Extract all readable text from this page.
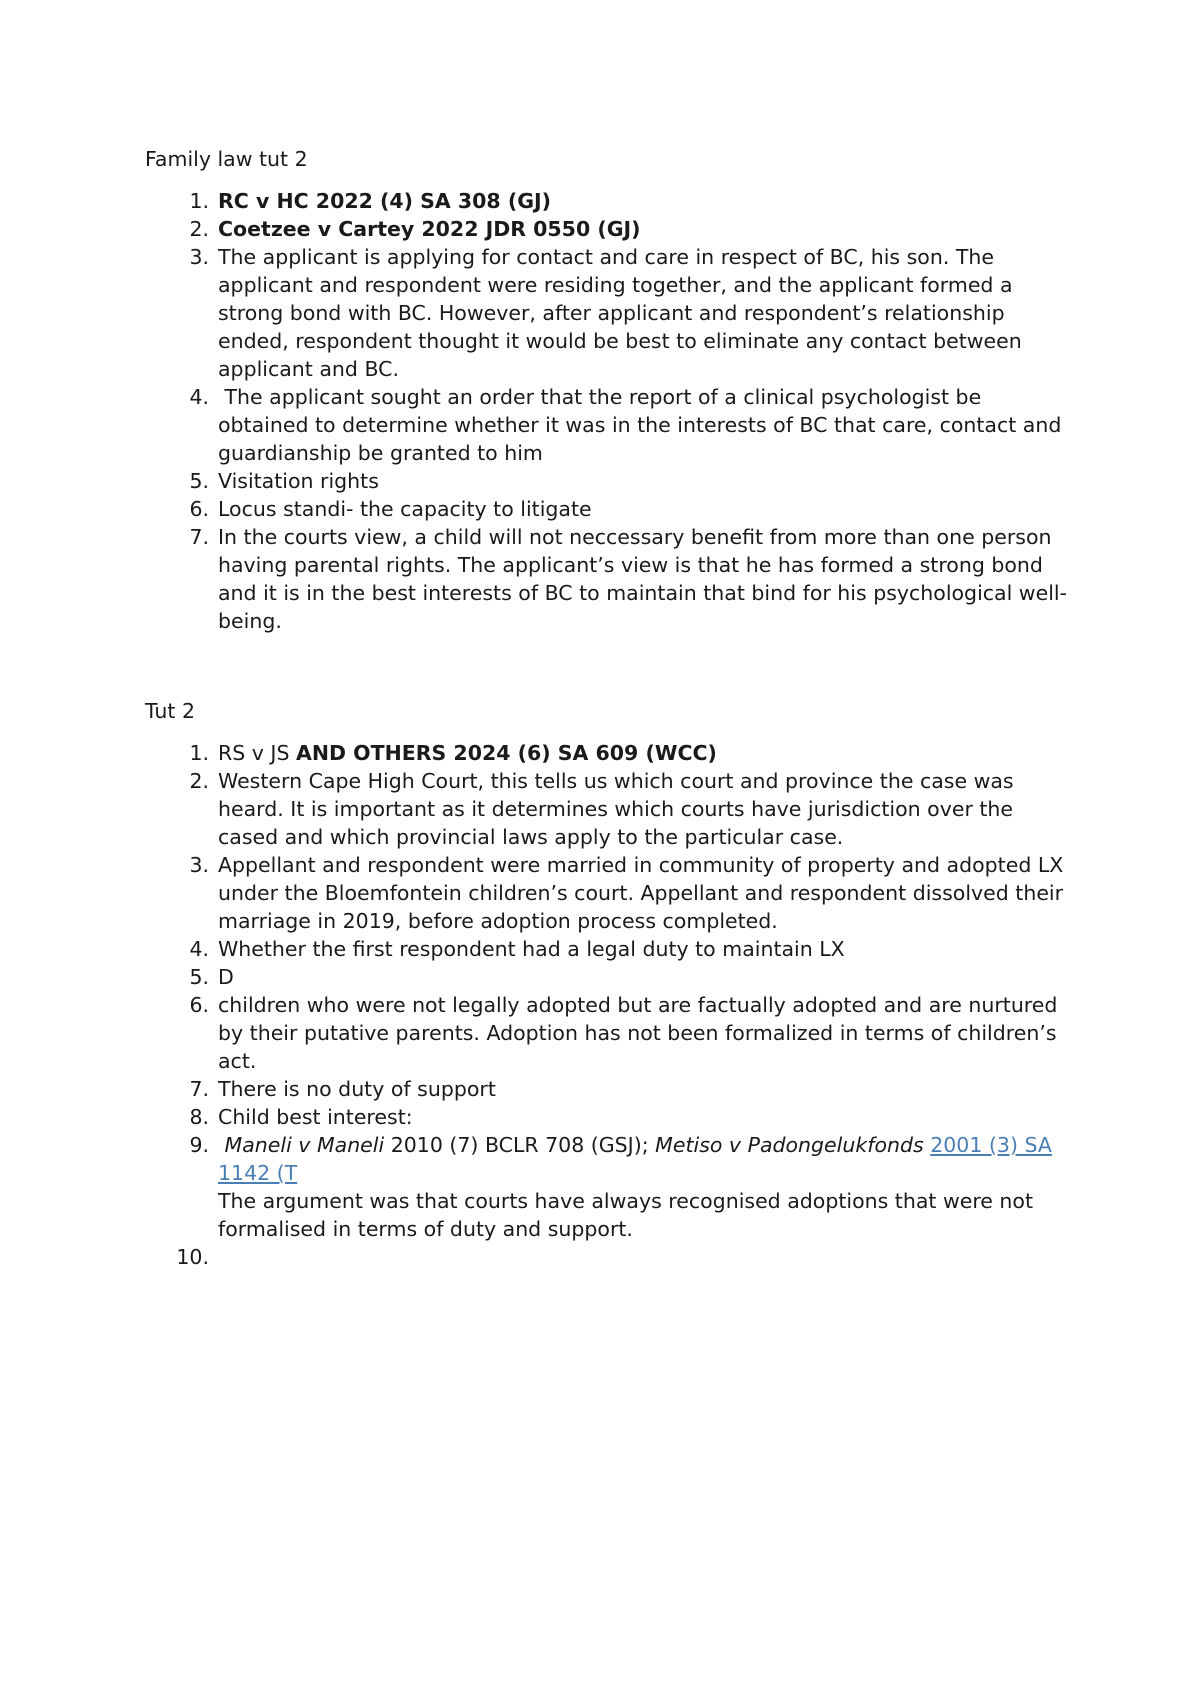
Family law tut 2

1. RC v HC 2022 (4) SA 308 (GJ)
2. Coetzee v Cartey 2022 JDR 0550 (GJ)
3. The applicant is applying for contact and care in respect of BC, his son. The applicant and respondent were residing together, and the applicant formed a strong bond with BC. However, after applicant and respondent’s relationship ended, respondent thought it would be best to eliminate any contact between applicant and BC.
4. The applicant sought an order that the report of a clinical psychologist be obtained to determine whether it was in the interests of BC that care, contact and guardianship be granted to him
5. Visitation rights
6. Locus standi- the capacity to litigate
7. In the courts view, a child will not neccessary benefit from more than one person having parental rights. The applicant’s view is that he has formed a strong bond and it is in the best interests of BC to maintain that bind for his psychological well-being.

Tut 2

1. RS v JS AND OTHERS 2024 (6) SA 609 (WCC)
2. Western Cape High Court, this tells us which court and province the case was heard. It is important as it determines which courts have jurisdiction over the cased and which provincial laws apply to the particular case.
3. Appellant and respondent were married in community of property and adopted LX under the Bloemfontein children’s court. Appellant and respondent dissolved their marriage in 2019, before adoption process completed.
4. Whether the first respondent had a legal duty to maintain LX
5. D
6. children who were not legally adopted but are factually adopted and are nurtured by their putative parents. Adoption has not been formalized in terms of children’s act.
7. There is no duty of support
8. Child best interest:
9. Maneli v Maneli 2010 (7) BCLR 708 (GSJ); Metiso v Padongelukfonds 2001 (3) SA 1142 (T
The argument was that courts have always recognised adoptions that were not formalised in terms of duty and support.
10.
